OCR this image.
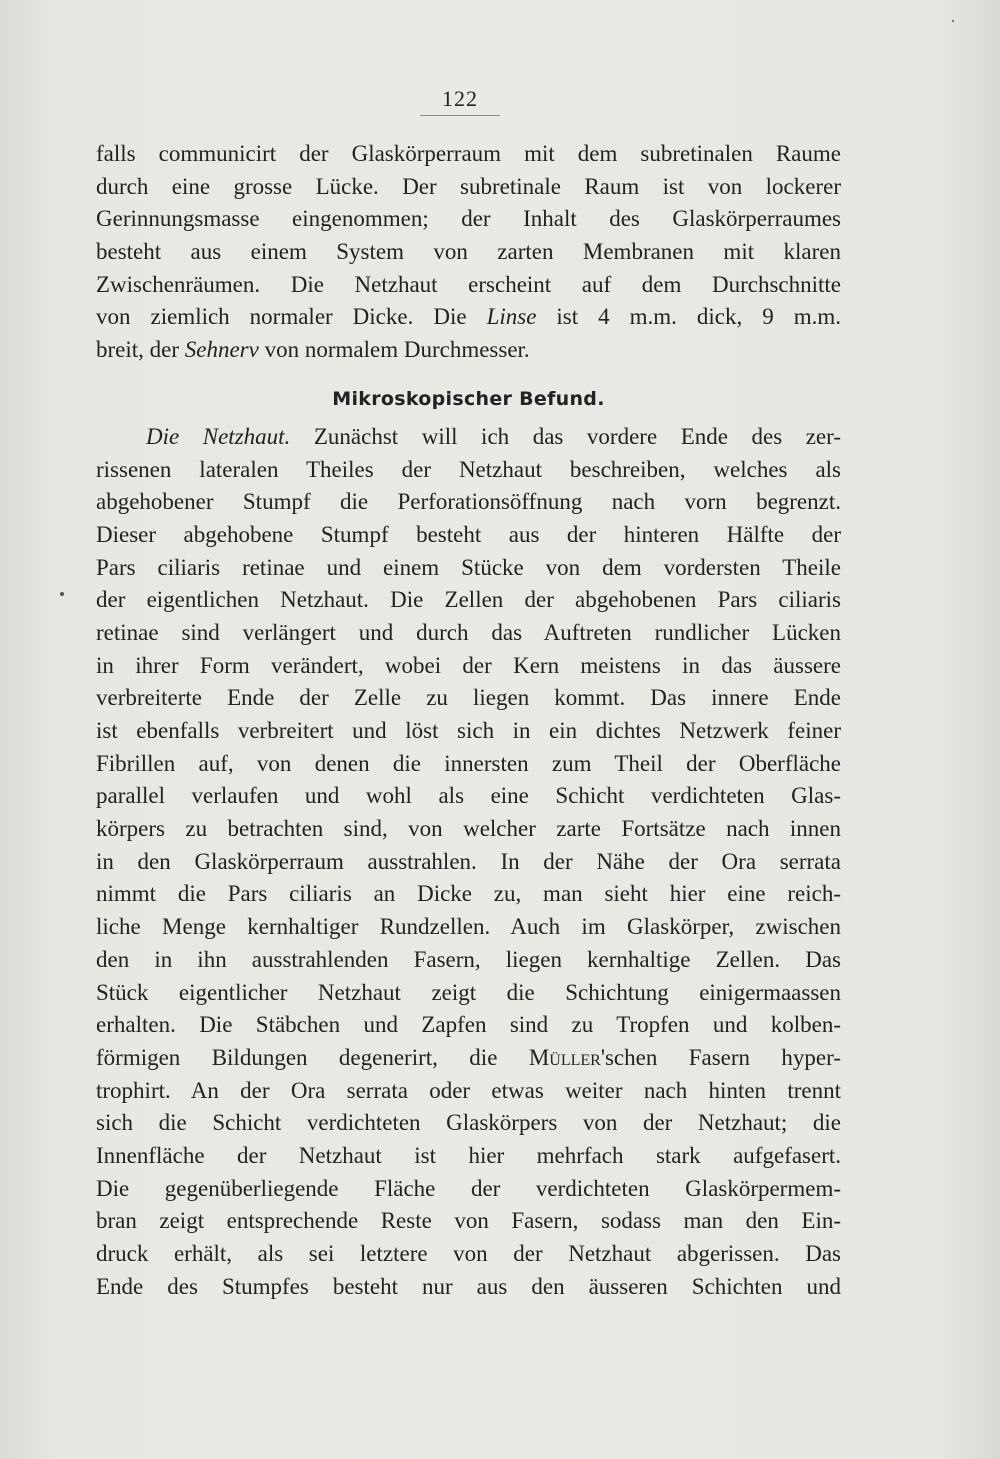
122
falls communicirt der Glaskörperraum mit dem subretinalen Raume
durch eine grosse Lücke. Der subretinale Raum ist von lockerer
Gerinnungsmasse eingenommen; der Inhalt des Glaskörperraumes
besteht aus einem System von zarten Membranen mit klaren
Zwischenräumen. Die Netzhaut erscheint auf dem Durchschnitte
von ziemlich normaler Dicke. Die Linse ist 4 m.m. dick, 9 m.m.
breit, der Sehnerv von normalem Durchmesser.
Mikroskopischer Befund.
Die Netzhaut. Zunächst will ich das vordere Ende des zer-
rissenen lateralen Theiles der Netzhaut beschreiben, welches als
abgehobener Stumpf die Perforationsöffnung nach vorn begrenzt.
Dieser abgehobene Stumpf besteht aus der hinteren Hälfte der
Pars ciliaris retinae und einem Stücke von dem vordersten Theile
der eigentlichen Netzhaut. Die Zellen der abgehobenen Pars ciliaris
retinae sind verlängert und durch das Auftreten rundlicher Lücken
in ihrer Form verändert, wobei der Kern meistens in das äussere
verbreiterte Ende der Zelle zu liegen kommt. Das innere Ende
ist ebenfalls verbreitert und löst sich in ein dichtes Netzwerk feiner
Fibrillen auf, von denen die innersten zum Theil der Oberfläche
parallel verlaufen und wohl als eine Schicht verdichteten Glas-
körpers zu betrachten sind, von welcher zarte Fortsätze nach innen
in den Glaskörperraum ausstrahlen. In der Nähe der Ora serrata
nimmt die Pars ciliaris an Dicke zu, man sieht hier eine reich-
liche Menge kernhaltiger Rundzellen. Auch im Glaskörper, zwischen
den in ihn ausstrahlenden Fasern, liegen kernhaltige Zellen. Das
Stück eigentlicher Netzhaut zeigt die Schichtung einigermaassen
erhalten. Die Stäbchen und Zapfen sind zu Tropfen und kolben-
förmigen Bildungen degenerirt, die Müller'schen Fasern hyper-
trophirt. An der Ora serrata oder etwas weiter nach hinten trennt
sich die Schicht verdichteten Glaskörpers von der Netzhaut; die
Innenfläche der Netzhaut ist hier mehrfach stark aufgefasert.
Die gegenüberliegende Fläche der verdichteten Glaskörpermem-
bran zeigt entsprechende Reste von Fasern, sodass man den Ein-
druck erhält, als sei letztere von der Netzhaut abgerissen. Das
Ende des Stumpfes besteht nur aus den äusseren Schichten und
